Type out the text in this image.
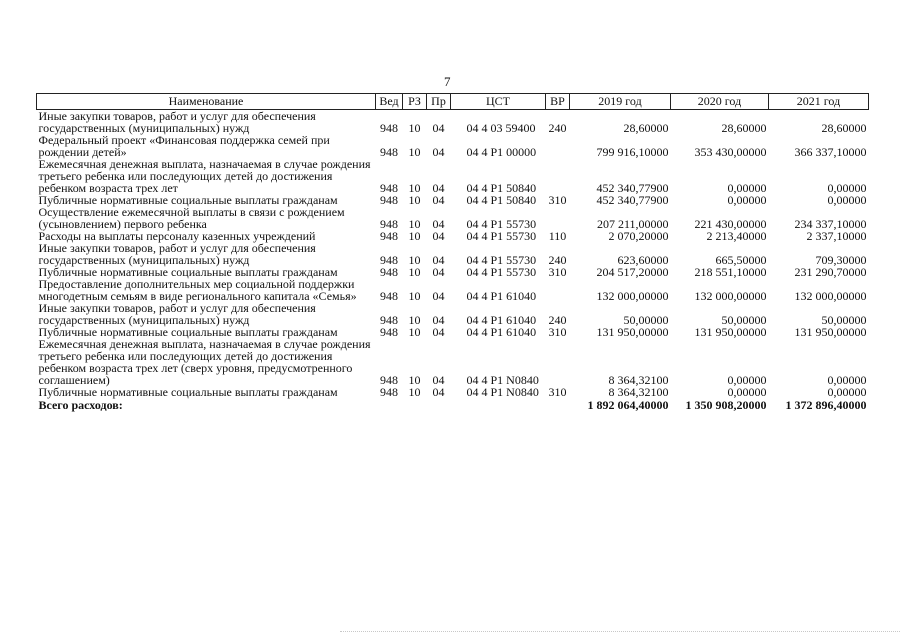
7
Наименование	Вед	РЗ	Пр	ЦСТ	ВР	2019 год	2020 год	2021 год
Иные закупки товаров, работ и услуг для обеспечения государственных (муниципальных) нужд	948	10	04	04 4 03 59400	240	28,60000	28,60000	28,60000
Федеральный проект «Финансовая поддержка семей при рождении детей»	948	10	04	04 4 P1 00000		799 916,10000	353 430,00000	366 337,10000
Ежемесячная денежная выплата, назначаемая в случае рождения третьего ребенка или последующих детей до достижения ребенком возраста трех лет	948	10	04	04 4 P1 50840		452 340,77900	0,00000	0,00000
Публичные нормативные социальные выплаты гражданам	948	10	04	04 4 P1 50840	310	452 340,77900	0,00000	0,00000
Осуществление ежемесячной выплаты в связи с рождением (усыновлением) первого ребенка	948	10	04	04 4 P1 55730		207 211,00000	221 430,00000	234 337,10000
Расходы на выплаты персоналу казенных учреждений	948	10	04	04 4 P1 55730	110	2 070,20000	2 213,40000	2 337,10000
Иные закупки товаров, работ и услуг для обеспечения государственных (муниципальных) нужд	948	10	04	04 4 P1 55730	240	623,60000	665,50000	709,30000
Публичные нормативные социальные выплаты гражданам	948	10	04	04 4 P1 55730	310	204 517,20000	218 551,10000	231 290,70000
Предоставление дополнительных мер социальной поддержки многодетным семьям в виде регионального капитала «Семья»	948	10	04	04 4 P1 61040		132 000,00000	132 000,00000	132 000,00000
Иные закупки товаров, работ и услуг для обеспечения государственных (муниципальных) нужд	948	10	04	04 4 P1 61040	240	50,00000	50,00000	50,00000
Публичные нормативные социальные выплаты гражданам	948	10	04	04 4 P1 61040	310	131 950,00000	131 950,00000	131 950,00000
Ежемесячная денежная выплата, назначаемая в случае рождения третьего ребенка или последующих детей до достижения ребенком возраста трех лет (сверх уровня, предусмотренного соглашением)	948	10	04	04 4 P1 N0840		8 364,32100	0,00000	0,00000
Публичные нормативные социальные выплаты гражданам	948	10	04	04 4 P1 N0840	310	8 364,32100	0,00000	0,00000
Всего расходов:						1 892 064,40000	1 350 908,20000	1 372 896,40000
